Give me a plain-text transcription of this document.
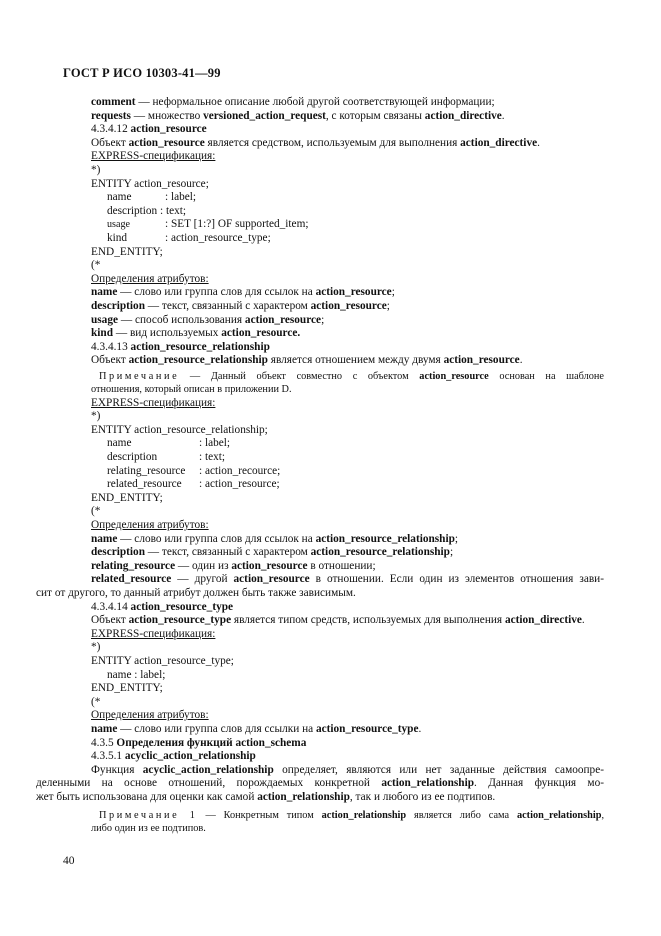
ГОСТ Р ИСО 10303-41—99
comment — неформальное описание любой другой соответствующей информации;
requests — множество versioned_action_request, с которым связаны action_directive.
4.3.4.12 action_resource
Объект action_resource является средством, используемым для выполнения action_directive.
EXPRESS-спецификация:
*)
ENTITY action_resource;
name	: label;
description : text;
usage	: SET [1:?] OF supported_item;
kind	: action_resource_type;
END_ENTITY;
(*
Определения атрибутов:
name — слово или группа слов для ссылок на action_resource;
description — текст, связанный с характером action_resource;
usage — способ использования action_resource;
kind — вид используемых action_resource.
4.3.4.13 action_resource_relationship
Объект action_resource_relationship является отношением между двумя action_resource.
Примечание — Данный объект совместно с объектом action_resource основан на шаблоне
отношения, который описан в приложении D.
EXPRESS-спецификация:
*)
ENTITY action_resource_relationship;
name	: label;
description	: text;
relating_resource : action_recource;
related_resource : action_resource;
END_ENTITY;
(*
Определения атрибутов:
name — слово или группа слов для ссылок на action_resource_relationship;
description — текст, связанный с характером action_resource_relationship;
relating_resource — один из action_resource в отношении;
related_resource — другой action_resource в отношении. Если один из элементов отношения зави-
сит от другого, то данный атрибут должен быть также зависимым.
4.3.4.14 action_resource_type
Объект action_resource_type является типом средств, используемых для выполнения action_directive.
EXPRESS-спецификация:
*)
ENTITY action_resource_type;
name : label;
END_ENTITY;
(*
Определения атрибутов:
name — слово или группа слов для ссылки на action_resource_type.
4.3.5 Определения функций action_schema
4.3.5.1 acyclic_action_relationship
Функция acyclic_action_relationship определяет, являются или нет заданные действия самоопре-
деленными на основе отношений, порождаемых конкретной action_relationship. Данная функция мо-
жет быть использована для оценки как самой action_relationship, так и любого из ее подтипов.
Примечание 1 — Конкретным типом action_relationship является либо сама action_relationship,
либо один из ее подтипов.
40
